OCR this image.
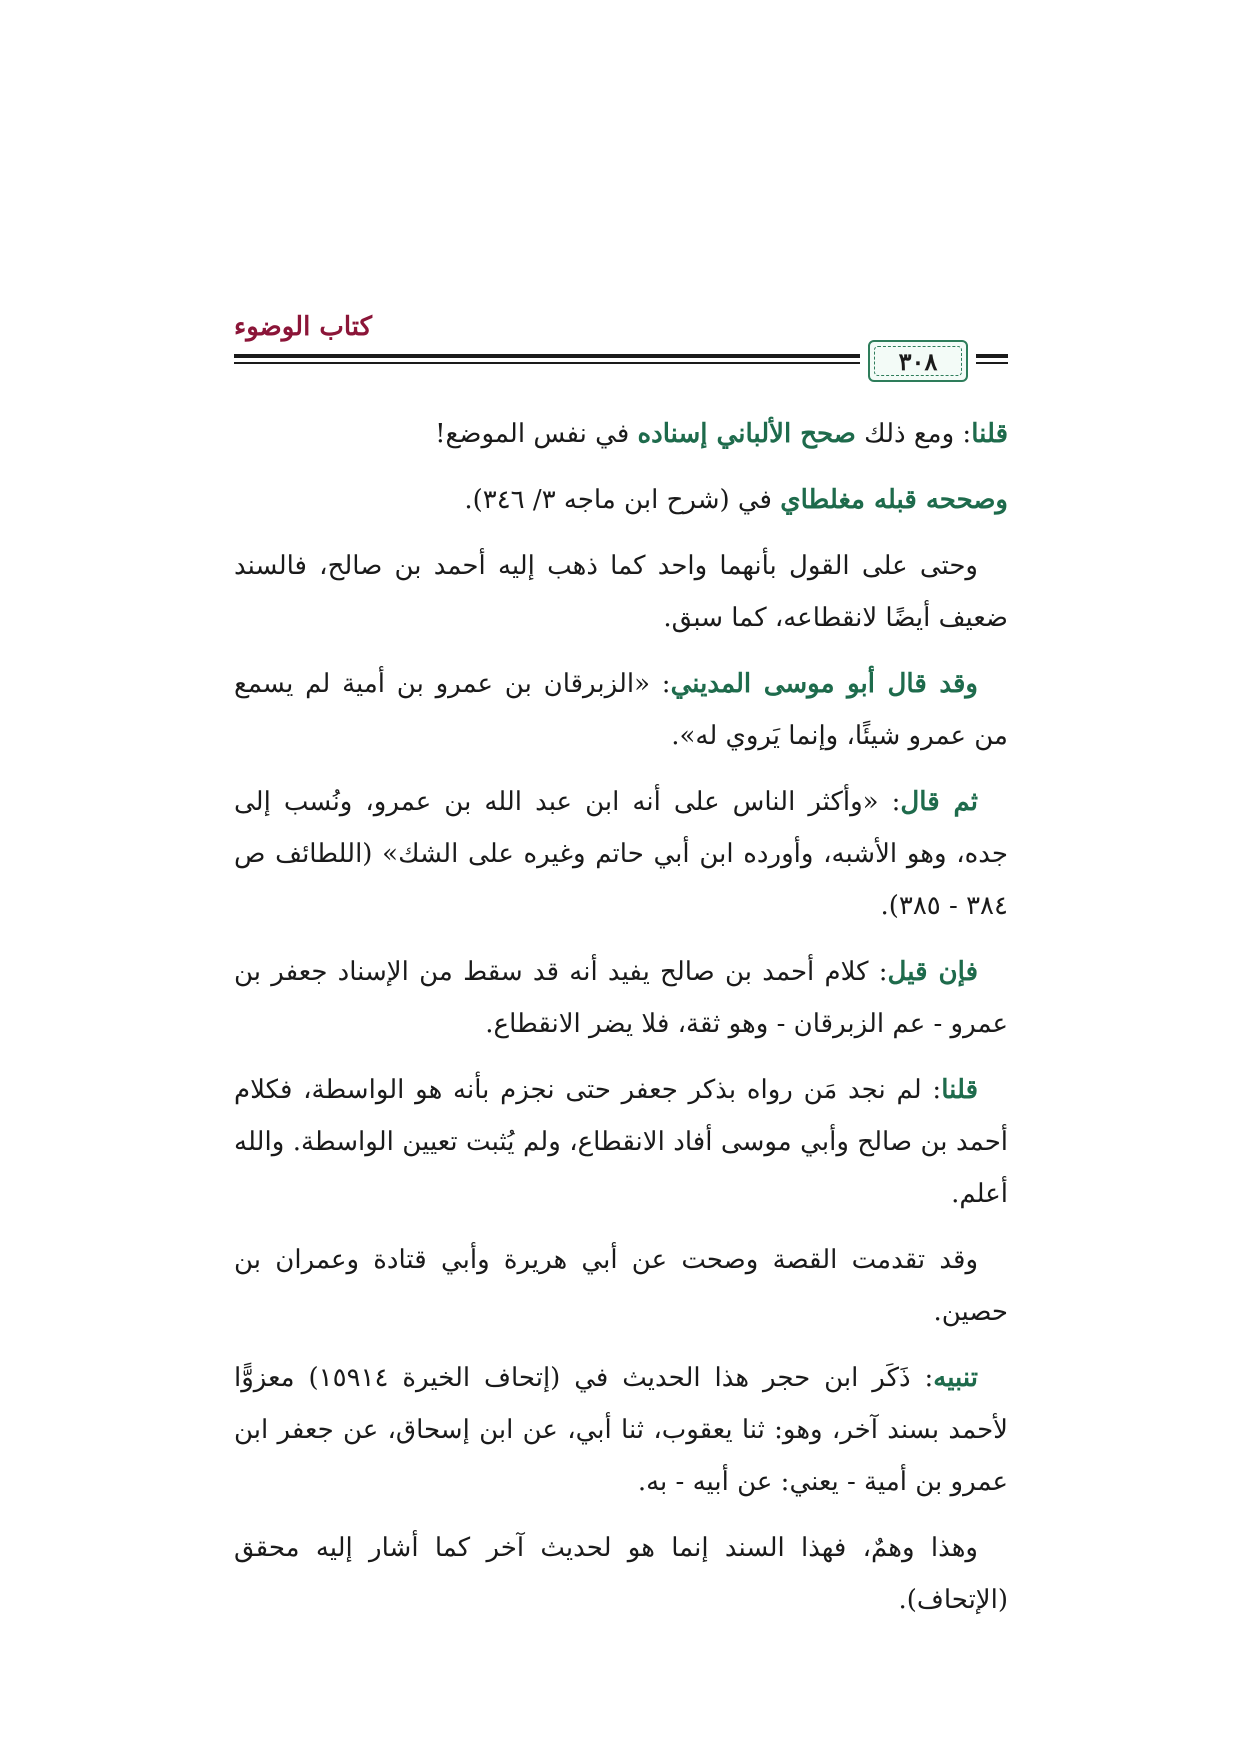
كتاب الوضوء
٣٠٨

قلنا: ومع ذلك صحح الألباني إسناده في نفس الموضع!

وصححه قبله مغلطاي في (شرح ابن ماجه ٣/ ٣٤٦).

وحتى على القول بأنهما واحد كما ذهب إليه أحمد بن صالح، فالسند ضعيف أيضًا لانقطاعه، كما سبق.

وقد قال أبو موسى المديني: «الزبرقان بن عمرو بن أمية لم يسمع من عمرو شيئًا، وإنما يَروي له».

ثم قال: «وأكثر الناس على أنه ابن عبد الله بن عمرو، ونُسب إلى جده، وهو الأشبه، وأورده ابن أبي حاتم وغيره على الشك» (اللطائف ص ٣٨٤ - ٣٨٥).

فإن قيل: كلام أحمد بن صالح يفيد أنه قد سقط من الإسناد جعفر بن عمرو - عم الزبرقان - وهو ثقة، فلا يضر الانقطاع.

قلنا: لم نجد مَن رواه بذكر جعفر حتى نجزم بأنه هو الواسطة، فكلام أحمد بن صالح وأبي موسى أفاد الانقطاع، ولم يُثبت تعيين الواسطة. والله أعلم.

وقد تقدمت القصة وصحت عن أبي هريرة وأبي قتادة وعمران بن حصين.

تنبيه: ذَكَر ابن حجر هذا الحديث في (إتحاف الخيرة ١٥٩١٤) معزوًّا لأحمد بسند آخر، وهو: ثنا يعقوب، ثنا أبي، عن ابن إسحاق، عن جعفر ابن عمرو بن أمية - يعني: عن أبيه - به.

وهذا وهمٌ، فهذا السند إنما هو لحديث آخر كما أشار إليه محقق (الإتحاف).
